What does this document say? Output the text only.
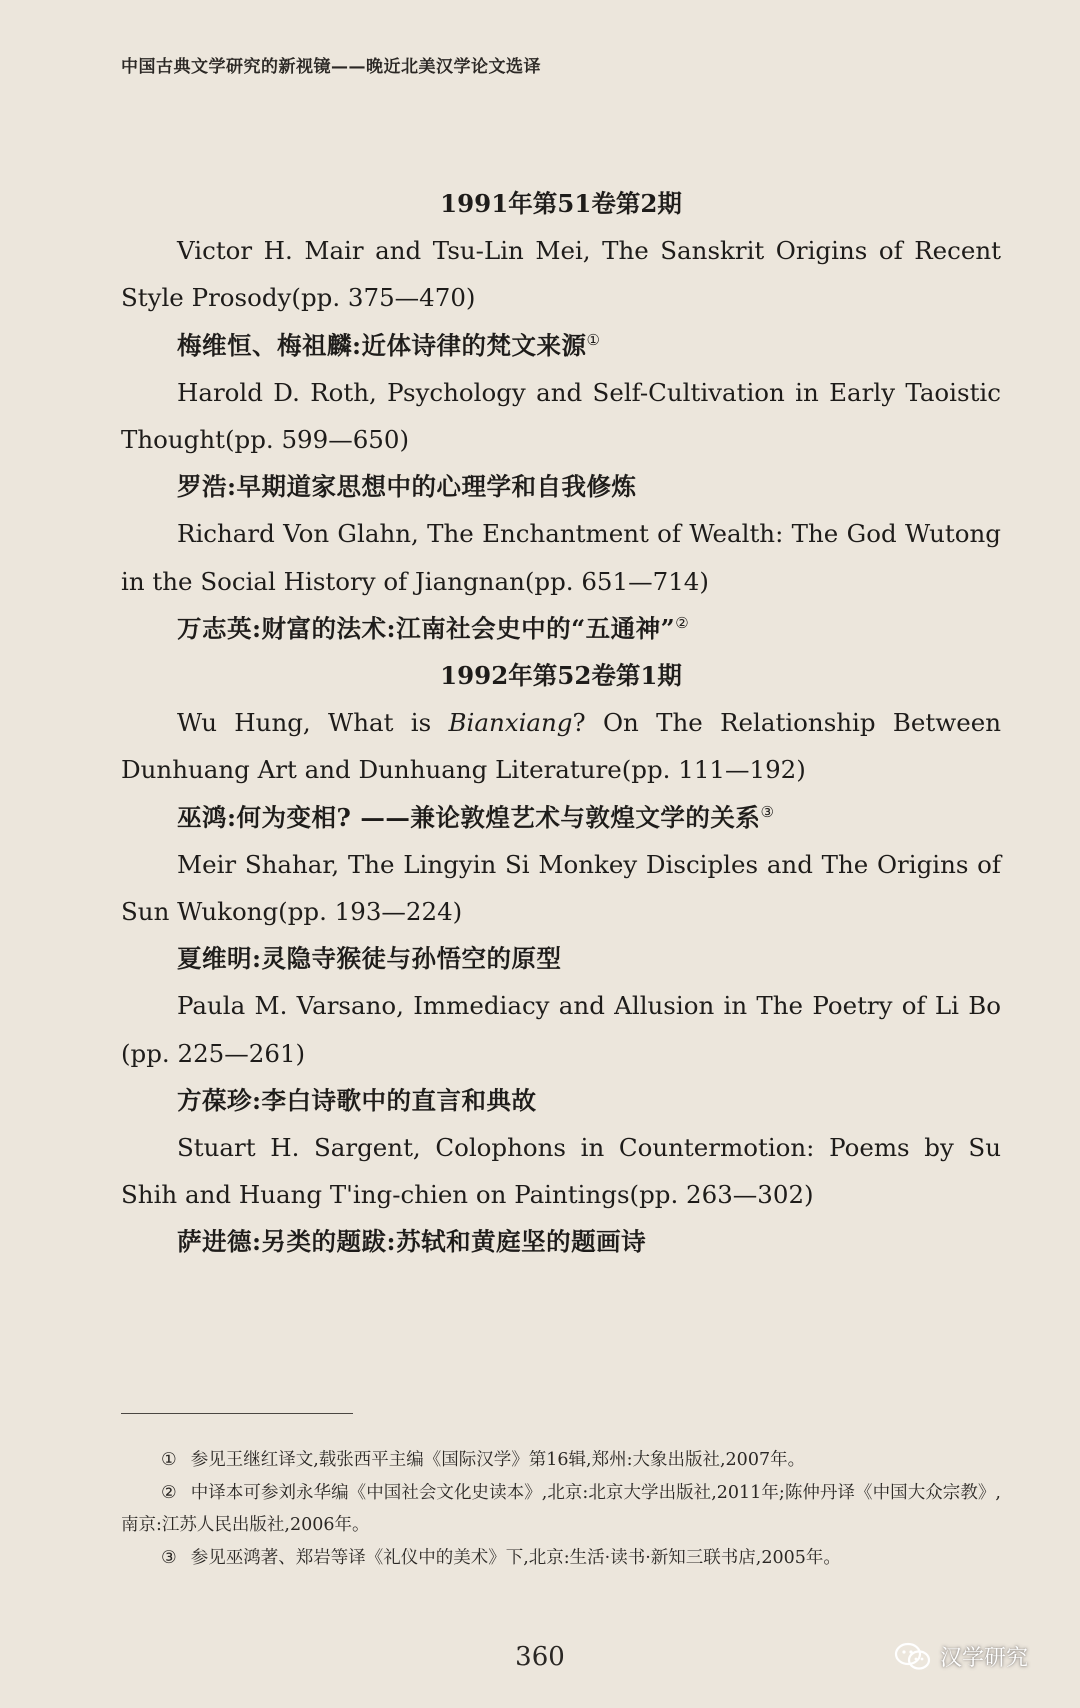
中国古典文学研究的新视镜——晚近北美汉学论文选译

1991年第51卷第2期

Victor H. Mair and Tsu-Lin Mei, The Sanskrit Origins of Recent Style Prosody(pp. 375—470)

梅维恒、梅祖麟:近体诗律的梵文来源①

Harold D. Roth, Psychology and Self-Cultivation in Early Taoistic Thought(pp. 599—650)

罗浩:早期道家思想中的心理学和自我修炼

Richard Von Glahn, The Enchantment of Wealth: The God Wutong in the Social History of Jiangnan(pp. 651—714)

万志英:财富的法术:江南社会史中的“五通神”②

1992年第52卷第1期

Wu Hung, What is Bianxiang? On The Relationship Between Dunhuang Art and Dunhuang Literature(pp. 111—192)

巫鸿:何为变相? ——兼论敦煌艺术与敦煌文学的关系③

Meir Shahar, The Lingyin Si Monkey Disciples and The Origins of Sun Wukong(pp. 193—224)

夏维明:灵隐寺猴徒与孙悟空的原型

Paula M. Varsano, Immediacy and Allusion in The Poetry of Li Bo (pp. 225—261)

方葆珍:李白诗歌中的直言和典故

Stuart H. Sargent, Colophons in Countermotion: Poems by Su Shih and Huang T'ing-chien on Paintings(pp. 263—302)

萨进德:另类的题跋:苏轼和黄庭坚的题画诗

① 参见王继红译文,载张西平主编《国际汉学》第16辑,郑州:大象出版社,2007年。

② 中译本可参刘永华编《中国社会文化史读本》,北京:北京大学出版社,2011年;陈仲丹译《中国大众宗教》,南京:江苏人民出版社,2006年。

③ 参见巫鸿著、郑岩等译《礼仪中的美术》下,北京:生活·读书·新知三联书店,2005年。

360	汉学研究
